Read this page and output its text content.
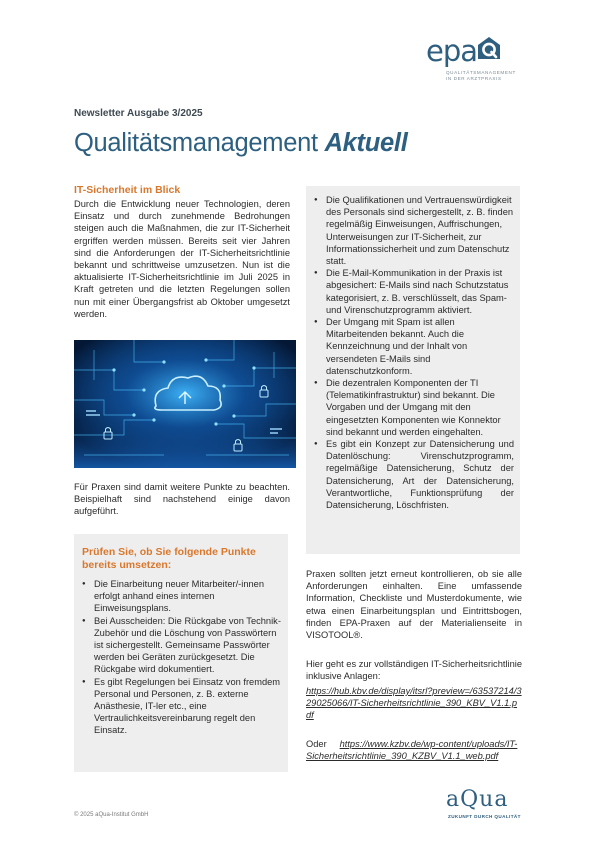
epa
QUALITÄTSMANAGEMENT
IN DER ARZTPRAXIS
Newsletter Ausgabe 3/2025
Qualitätsmanagement Aktuell
IT-Sicherheit im Blick
Durch die Entwicklung neuer Technologien, deren Einsatz und durch zunehmende Bedrohungen steigen auch die Maßnahmen, die zur IT-Sicherheit ergriffen werden müssen. Bereits seit vier Jahren sind die Anforderungen der IT-Sicherheitsrichtlinie bekannt und schrittweise umzusetzen. Nun ist die aktualisierte IT-Sicherheitsrichtlinie im Juli 2025 in Kraft getreten und die letzten Regelungen sollen nun mit einer Übergangsfrist ab Oktober umgesetzt werden.
Für Praxen sind damit weitere Punkte zu beachten. Beispielhaft sind nachstehend einige davon aufgeführt.
Prüfen Sie, ob Sie folgende Punkte bereits umsetzen:
● Die Einarbeitung neuer Mitarbeiter/-innen erfolgt anhand eines internen Einweisungsplans.
● Bei Ausscheiden: Die Rückgabe von Technik-Zubehör und die Löschung von Passwörtern ist sichergestellt. Gemeinsame Passwörter werden bei Geräten zurückgesetzt. Die Rückgabe wird dokumentiert.
● Es gibt Regelungen bei Einsatz von fremdem Personal und Personen, z. B. externe Anästhesie, IT-ler etc., eine Vertraulichkeitsvereinbarung regelt den Einsatz.
● Die Qualifikationen und Vertrauenswürdigkeit des Personals sind sichergestellt, z. B. finden regelmäßig Einweisungen, Auffrischungen, Unterweisungen zur IT-Sicherheit, zur Informationssicherheit und zum Datenschutz statt.
● Die E-Mail-Kommunikation in der Praxis ist abgesichert: E-Mails sind nach Schutzstatus kategorisiert, z. B. verschlüsselt, das Spam- und Virenschutzprogramm aktiviert.
● Der Umgang mit Spam ist allen Mitarbeitenden bekannt. Auch die Kennzeichnung und der Inhalt von versendeten E-Mails sind datenschutzkonform.
● Die dezentralen Komponenten der TI (Telematikinfrastruktur) sind bekannt. Die Vorgaben und der Umgang mit den eingesetzten Komponenten wie Konnektor sind bekannt und werden eingehalten.
● Es gibt ein Konzept zur Datensicherung und Datenlöschung: Virenschutzprogramm, regelmäßige Datensicherung, Schutz der Datensicherung, Art der Datensicherung, Verantwortliche, Funktionsprüfung der Datensicherung, Löschfristen.
Praxen sollten jetzt erneut kontrollieren, ob sie alle Anforderungen einhalten. Eine umfassende Information, Checkliste und Musterdokumente, wie etwa einen Einarbeitungsplan und Eintrittsbogen, finden EPA-Praxen auf der Materialienseite in VISOTOOL®.
Hier geht es zur vollständigen IT-Sicherheitsrichtlinie inklusive Anlagen:
https://hub.kbv.de/display/itsrl?preview=/63537214/329025066/IT-Sicherheitsrichtlinie_390_KBV_V1.1.pdf
Oder https://www.kzbv.de/wp-content/uploads/IT-Sicherheitsrichtlinie_390_KZBV_V1.1_web.pdf
© 2025 aQua-Institut GmbH
aQua
ZUKUNFT DURCH QUALITÄT
